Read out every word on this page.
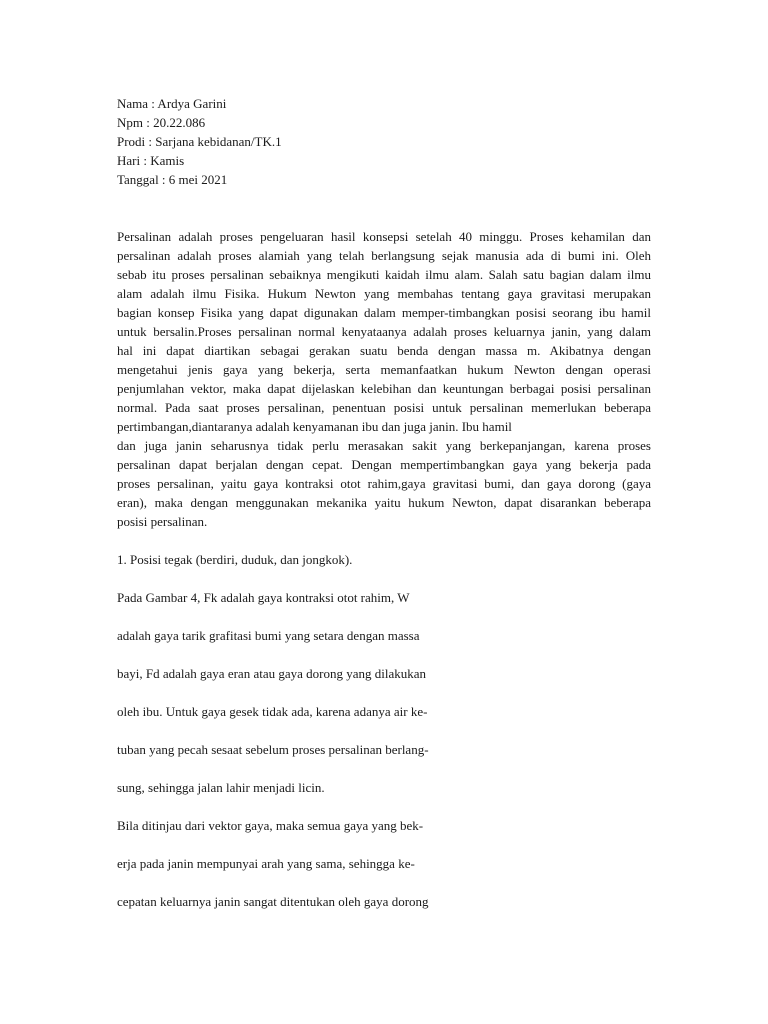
Nama : Ardya Garini
Npm : 20.22.086
Prodi : Sarjana kebidanan/TK.1
Hari : Kamis
Tanggal : 6 mei 2021
Persalinan adalah proses pengeluaran hasil konsepsi setelah 40 minggu. Proses kehamilan dan
persalinan adalah proses alamiah yang telah berlangsung sejak manusia ada di bumi ini. Oleh
sebab itu proses persalinan sebaiknya mengikuti kaidah ilmu alam. Salah satu bagian dalam ilmu
alam adalah ilmu Fisika. Hukum Newton yang membahas tentang gaya gravitasi merupakan
bagian konsep Fisika yang dapat digunakan dalam memper-timbangkan posisi seorang ibu hamil
untuk bersalin.Proses persalinan normal kenyataanya adalah proses keluarnya janin, yang dalam
hal ini dapat diartikan sebagai gerakan suatu benda dengan massa m. Akibatnya dengan
mengetahui jenis gaya yang bekerja, serta memanfaatkan hukum Newton dengan operasi
penjumlahan vektor, maka dapat dijelaskan kelebihan dan keuntungan berbagai posisi persalinan
normal. Pada saat proses persalinan, penentuan posisi untuk persalinan memerlukan beberapa
pertimbangan,diantaranya adalah kenyamanan ibu dan juga janin. Ibu hamil
dan juga janin seharusnya tidak perlu merasakan sakit yang berkepanjangan, karena proses
persalinan dapat berjalan dengan cepat. Dengan mempertimbangkan gaya yang bekerja pada
proses persalinan, yaitu gaya kontraksi otot rahim,gaya gravitasi bumi, dan gaya dorong (gaya
eran), maka dengan menggunakan mekanika yaitu hukum Newton, dapat disarankan beberapa
posisi persalinan.
1. Posisi tegak (berdiri, duduk, dan jongkok).
Pada Gambar 4, Fk adalah gaya kontraksi otot rahim, W
adalah gaya tarik grafitasi bumi yang setara dengan massa
bayi, Fd adalah gaya eran atau gaya dorong yang dilakukan
oleh ibu. Untuk gaya gesek tidak ada, karena adanya air ke-
tuban yang pecah sesaat sebelum proses persalinan berlang-
sung, sehingga jalan lahir menjadi licin.
Bila ditinjau dari vektor gaya, maka semua gaya yang bek-
erja pada janin mempunyai arah yang sama, sehingga ke-
cepatan keluarnya janin sangat ditentukan oleh gaya dorong
